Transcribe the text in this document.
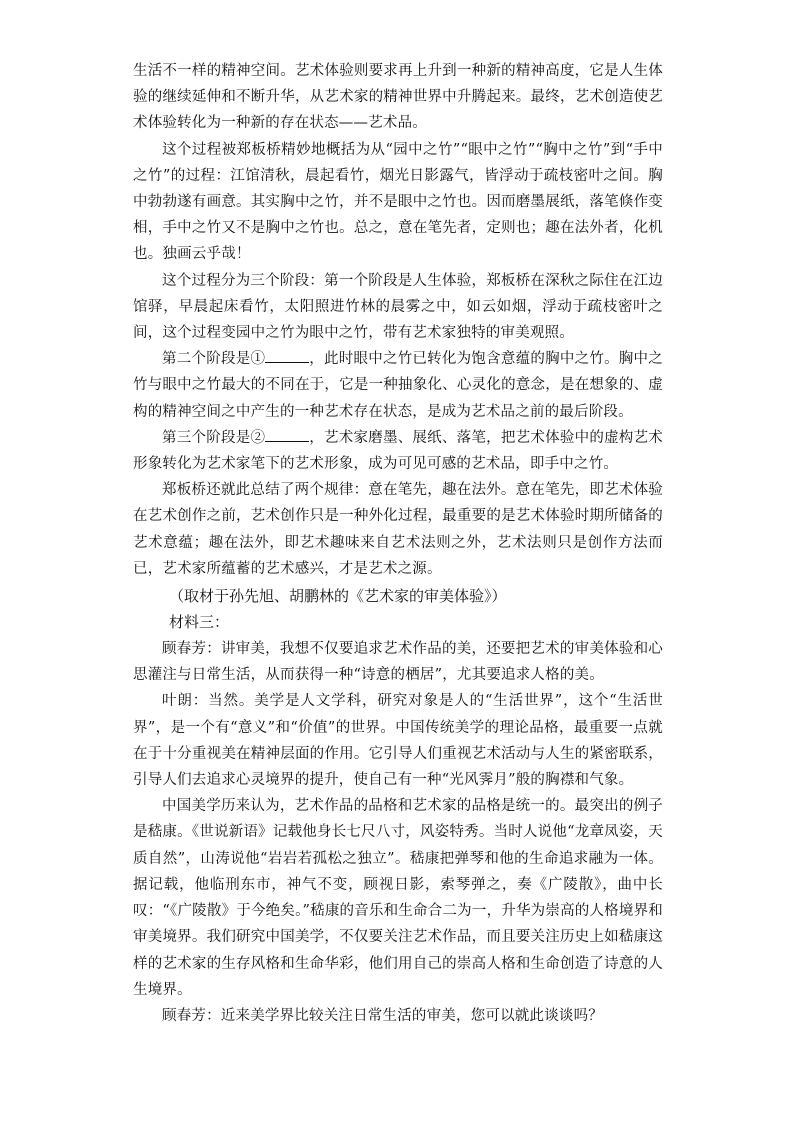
生活不一样的精神空间。艺术体验则要求再上升到一种新的精神高度，它是人生体验的继续延伸和不断升华，从艺术家的精神世界中升腾起来。最终，艺术创造使艺术体验转化为一种新的存在状态——艺术品。

这个过程被郑板桥精妙地概括为从“园中之竹”“眼中之竹”“胸中之竹”到“手中之竹”的过程：江馆清秋，晨起看竹，烟光日影露气，皆浮动于疏枝密叶之间。胸中勃勃遂有画意。其实胸中之竹，并不是眼中之竹也。因而磨墨展纸，落笔倏作变相，手中之竹又不是胸中之竹也。总之，意在笔先者，定则也；趣在法外者，化机也。独画云乎哉！

这个过程分为三个阶段：第一个阶段是人生体验，郑板桥在深秋之际住在江边馆驿，早晨起床看竹，太阳照进竹林的晨雾之中，如云如烟，浮动于疏枝密叶之间，这个过程变园中之竹为眼中之竹，带有艺术家独特的审美观照。

第二个阶段是①	，此时眼中之竹已转化为饱含意蕴的胸中之竹。胸中之竹与眼中之竹最大的不同在于，它是一种抽象化、心灵化的意念，是在想象的、虚构的精神空间之中产生的一种艺术存在状态，是成为艺术品之前的最后阶段。

第三个阶段是②	，艺术家磨墨、展纸、落笔，把艺术体验中的虚构艺术形象转化为艺术家笔下的艺术形象，成为可见可感的艺术品，即手中之竹。

郑板桥还就此总结了两个规律：意在笔先，趣在法外。意在笔先，即艺术体验在艺术创作之前，艺术创作只是一种外化过程，最重要的是艺术体验时期所储备的艺术意蕴；趣在法外，即艺术趣味来自艺术法则之外，艺术法则只是创作方法而已，艺术家所蕴蓄的艺术感兴，才是艺术之源。

（取材于孙先旭、胡鹏林的《艺术家的审美体验》）

材料三：

顾春芳：讲审美，我想不仅要追求艺术作品的美，还要把艺术的审美体验和心思灌注与日常生活，从而获得一种“诗意的栖居”，尤其要追求人格的美。

叶朗：当然。美学是人文学科，研究对象是人的“生活世界”，这个“生活世界”，是一个有“意义”和“价值”的世界。中国传统美学的理论品格，最重要一点就在于十分重视美在精神层面的作用。它引导人们重视艺术活动与人生的紧密联系，引导人们去追求心灵境界的提升，使自己有一种“光风霁月”般的胸襟和气象。

中国美学历来认为，艺术作品的品格和艺术家的品格是统一的。最突出的例子是嵇康。《世说新语》记载他身长七尺八寸，风姿特秀。当时人说他“龙章凤姿，天质自然”，山涛说他“岩岩若孤松之独立”。嵇康把弹琴和他的生命追求融为一体。据记载，他临刑东市，神气不变，顾视日影，索琴弹之，奏《广陵散》，曲中长叹：“《广陵散》于今绝矣。”嵇康的音乐和生命合二为一，升华为崇高的人格境界和审美境界。我们研究中国美学，不仅要关注艺术作品，而且要关注历史上如嵇康这样的艺术家的生存风格和生命华彩，他们用自己的崇高人格和生命创造了诗意的人生境界。

顾春芳：近来美学界比较关注日常生活的审美，您可以就此谈谈吗？
